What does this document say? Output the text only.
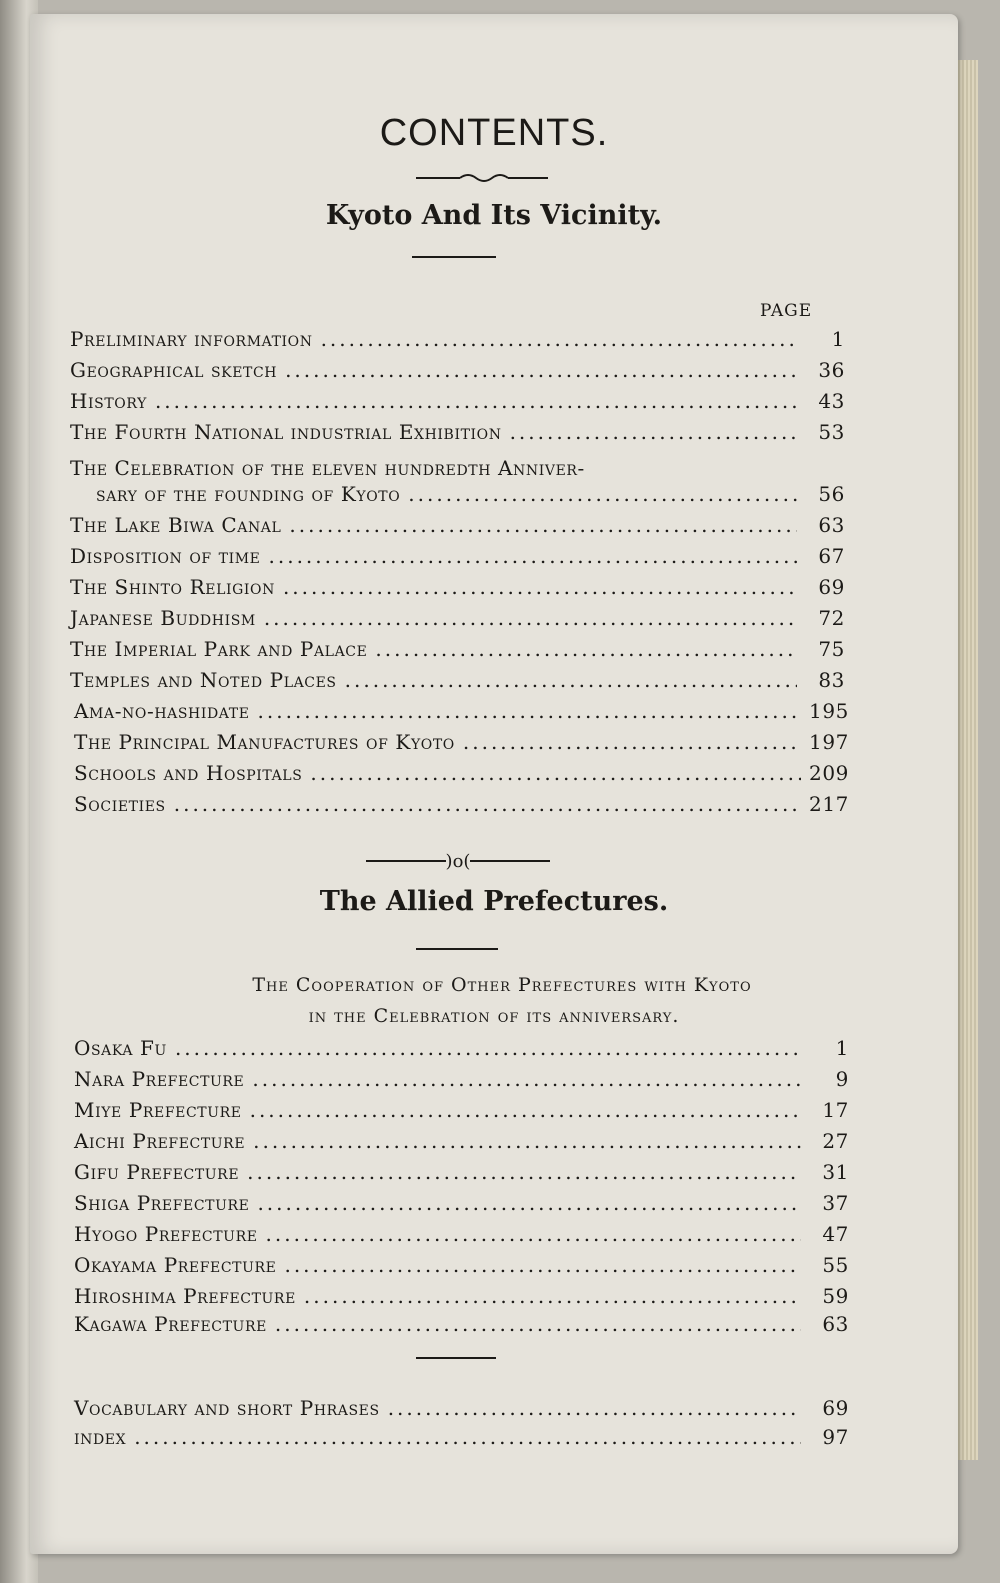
CONTENTS.
Kyoto And Its Vicinity.
PAGE
Preliminary information .....	1
Geographical sketch .....	36
History .....	43
The Fourth National industrial Exhibition .....	53
The Celebration of the eleven hundredth Anniver-
sary of the founding of Kyoto .....	56
The Lake Biwa Canal .....	63
Disposition of time .....	67
The Shinto Religion .....	69
Japanese Buddhism .....	72
The Imperial Park and Palace .....	75
Temples and Noted Places .....	83
Ama-no-hashidate .....	195
The Principal Manufactures of Kyoto .....	197
Schools and Hospitals .....	209
Societies .....	217
)o(
The Allied Prefectures.
The Cooperation of Other Prefectures with Kyoto
in the Celebration of its anniversary.
Osaka Fu .....	1
Nara Prefecture .....	9
Miye Prefecture .....	17
Aichi Prefecture .....	27
Gifu Prefecture .....	31
Shiga Prefecture .....	37
Hyogo Prefecture .....	47
Okayama Prefecture .....	55
Hiroshima Prefecture .....	59
Kagawa Prefecture .....	63
Vocabulary and short Phrases .....	69
index .....	97
